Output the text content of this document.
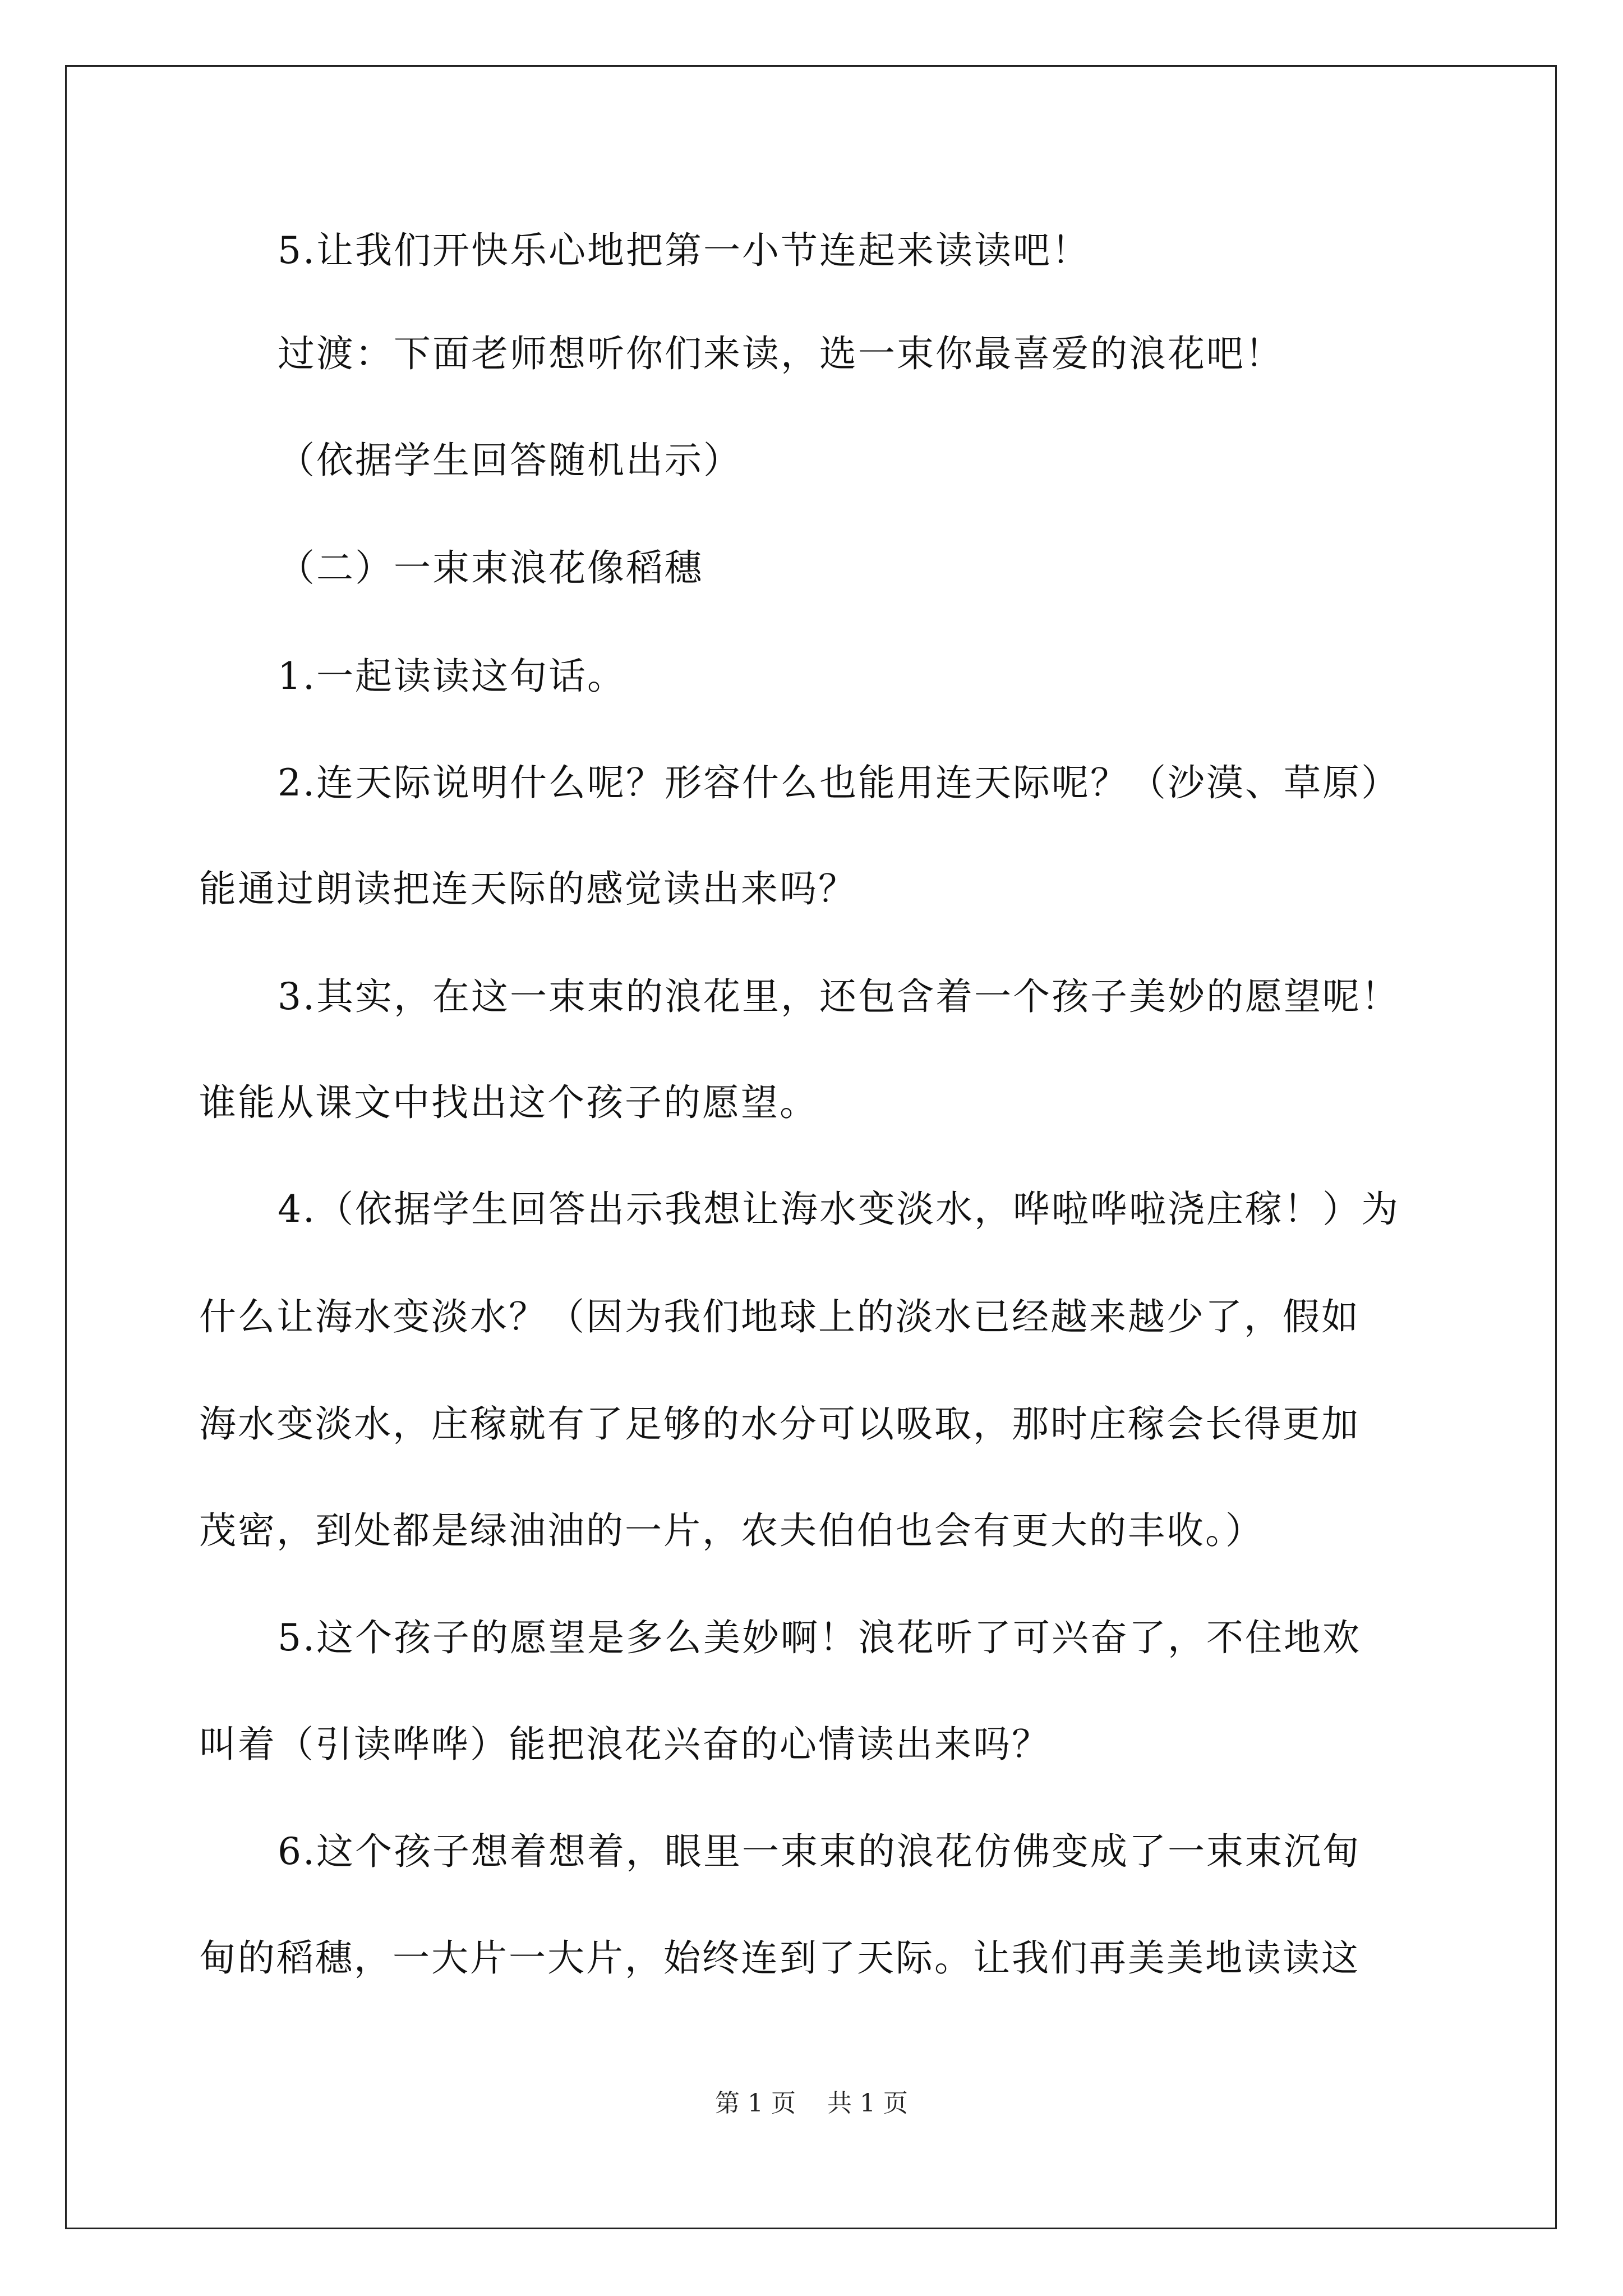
5.让我们开快乐心地把第一小节连起来读读吧！
过渡：下面老师想听你们来读，选一束你最喜爱的浪花吧！
（依据学生回答随机出示）
（二）一束束浪花像稻穗
1.一起读读这句话。
2.连天际说明什么呢？形容什么也能用连天际呢？（沙漠、草原）
能通过朗读把连天际的感觉读出来吗？
3.其实，在这一束束的浪花里，还包含着一个孩子美妙的愿望呢！
谁能从课文中找出这个孩子的愿望。
4.（依据学生回答出示我想让海水变淡水，哗啦哗啦浇庄稼！）为
什么让海水变淡水？（因为我们地球上的淡水已经越来越少了，假如
海水变淡水，庄稼就有了足够的水分可以吸取，那时庄稼会长得更加
茂密，到处都是绿油油的一片，农夫伯伯也会有更大的丰收。）
5.这个孩子的愿望是多么美妙啊！浪花听了可兴奋了，不住地欢
叫着（引读哗哗）能把浪花兴奋的心情读出来吗？
6.这个孩子想着想着，眼里一束束的浪花仿佛变成了一束束沉甸
甸的稻穗，一大片一大片，始终连到了天际。让我们再美美地读读这
第 1 页    共 1 页
